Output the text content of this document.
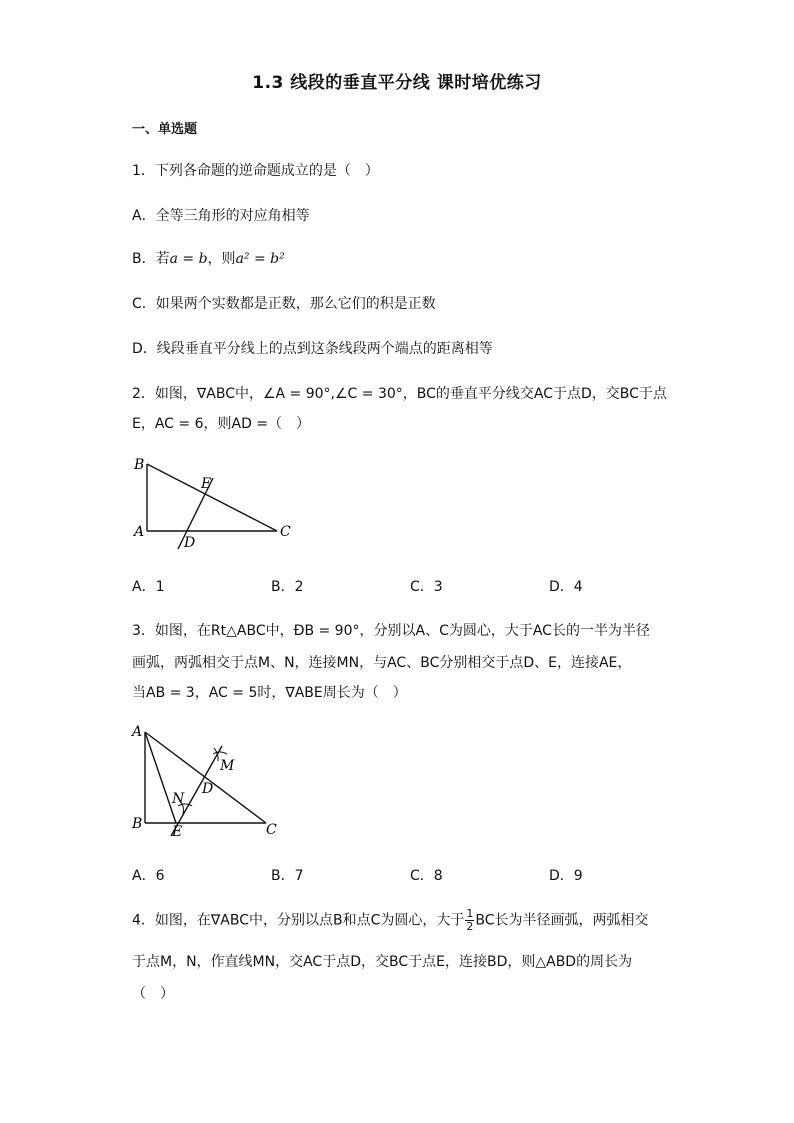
1.3 线段的垂直平分线 课时培优练习
一、单选题
1．下列各命题的逆命题成立的是（　）
A．全等三角形的对应角相等
B．若a = b，则a² = b²
C．如果两个实数都是正数，那么它们的积是正数
D．线段垂直平分线上的点到这条线段两个端点的距离相等
2．如图，∇ABC中，∠A = 90°,∠C = 30°，BC的垂直平分线交AC于点D，交BC于点
E，AC = 6，则AD =（　）
B
E
A	C
D
A．1	B．2	C．3	D．4
3．如图，在Rt△ABC中，ÐB = 90°，分别以A、C为圆心，大于AC长的一半为半径
画弧，两弧相交于点M、N，连接MN，与AC、BC分别相交于点D、E，连接AE，
当AB = 3，AC = 5时，∇ABE周长为（　）
A
M
D
N
B E	C
A．6	B．7	C．8	D．9
4．如图，在∇ABC中，分别以点B和点C为圆心，大于 $\frac{1}{2}$ BC长为半径画弧，两弧相交
于点M，N，作直线MN，交AC于点D，交BC于点E，连接BD，则△ABD的周长为
（　）
